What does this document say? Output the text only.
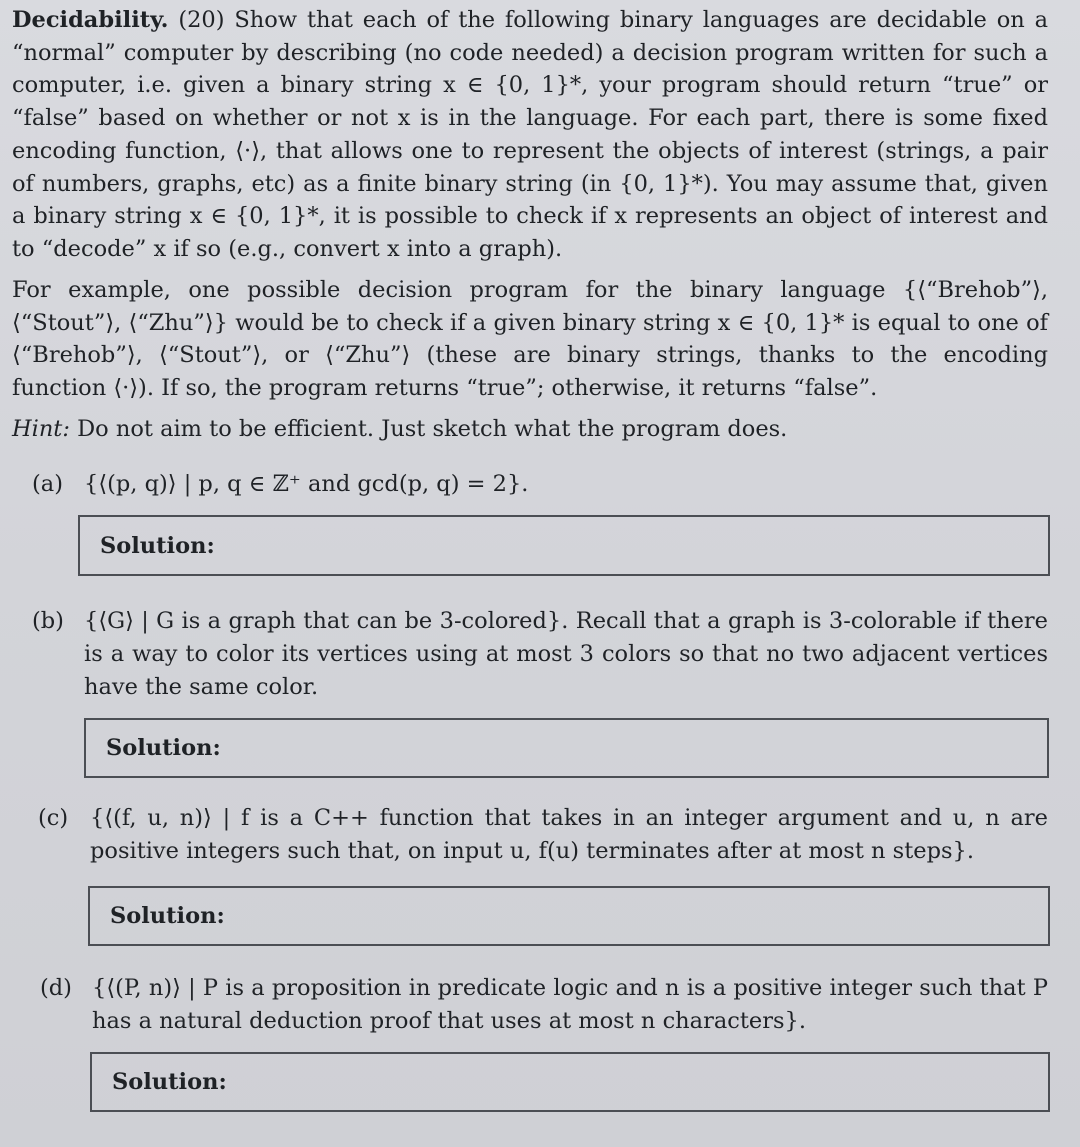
Decidability. (20) Show that each of the following binary languages are decidable on a “normal” computer by describing (no code needed) a decision program written for such a computer, i.e. given a binary string x ∈ {0, 1}*, your program should return “true” or “false” based on whether or not x is in the language. For each part, there is some fixed encoding function, ⟨·⟩, that allows one to represent the objects of interest (strings, a pair of numbers, graphs, etc) as a finite binary string (in {0, 1}*). You may assume that, given a binary string x ∈ {0, 1}*, it is possible to check if x represents an object of interest and to “decode” x if so (e.g., convert x into a graph).
For example, one possible decision program for the binary language {⟨“Brehob”⟩, ⟨“Stout”⟩, ⟨“Zhu”⟩} would be to check if a given binary string x ∈ {0, 1}* is equal to one of ⟨“Brehob”⟩, ⟨“Stout”⟩, or ⟨“Zhu”⟩ (these are binary strings, thanks to the encoding function ⟨·⟩). If so, the program returns “true”; otherwise, it returns “false”.
Hint: Do not aim to be efficient. Just sketch what the program does.
(a) {⟨(p, q)⟩ | p, q ∈ ℤ⁺ and gcd(p, q) = 2}.
Solution:
(b) {⟨G⟩ | G is a graph that can be 3-colored}. Recall that a graph is 3-colorable if there is a way to color its vertices using at most 3 colors so that no two adjacent vertices have the same color.
Solution:
(c) {⟨(f, u, n)⟩ | f is a C++ function that takes in an integer argument and u, n are positive integers such that, on input u, f(u) terminates after at most n steps}.
Solution:
(d) {⟨(P, n)⟩ | P is a proposition in predicate logic and n is a positive integer such that P has a natural deduction proof that uses at most n characters}.
Solution:
